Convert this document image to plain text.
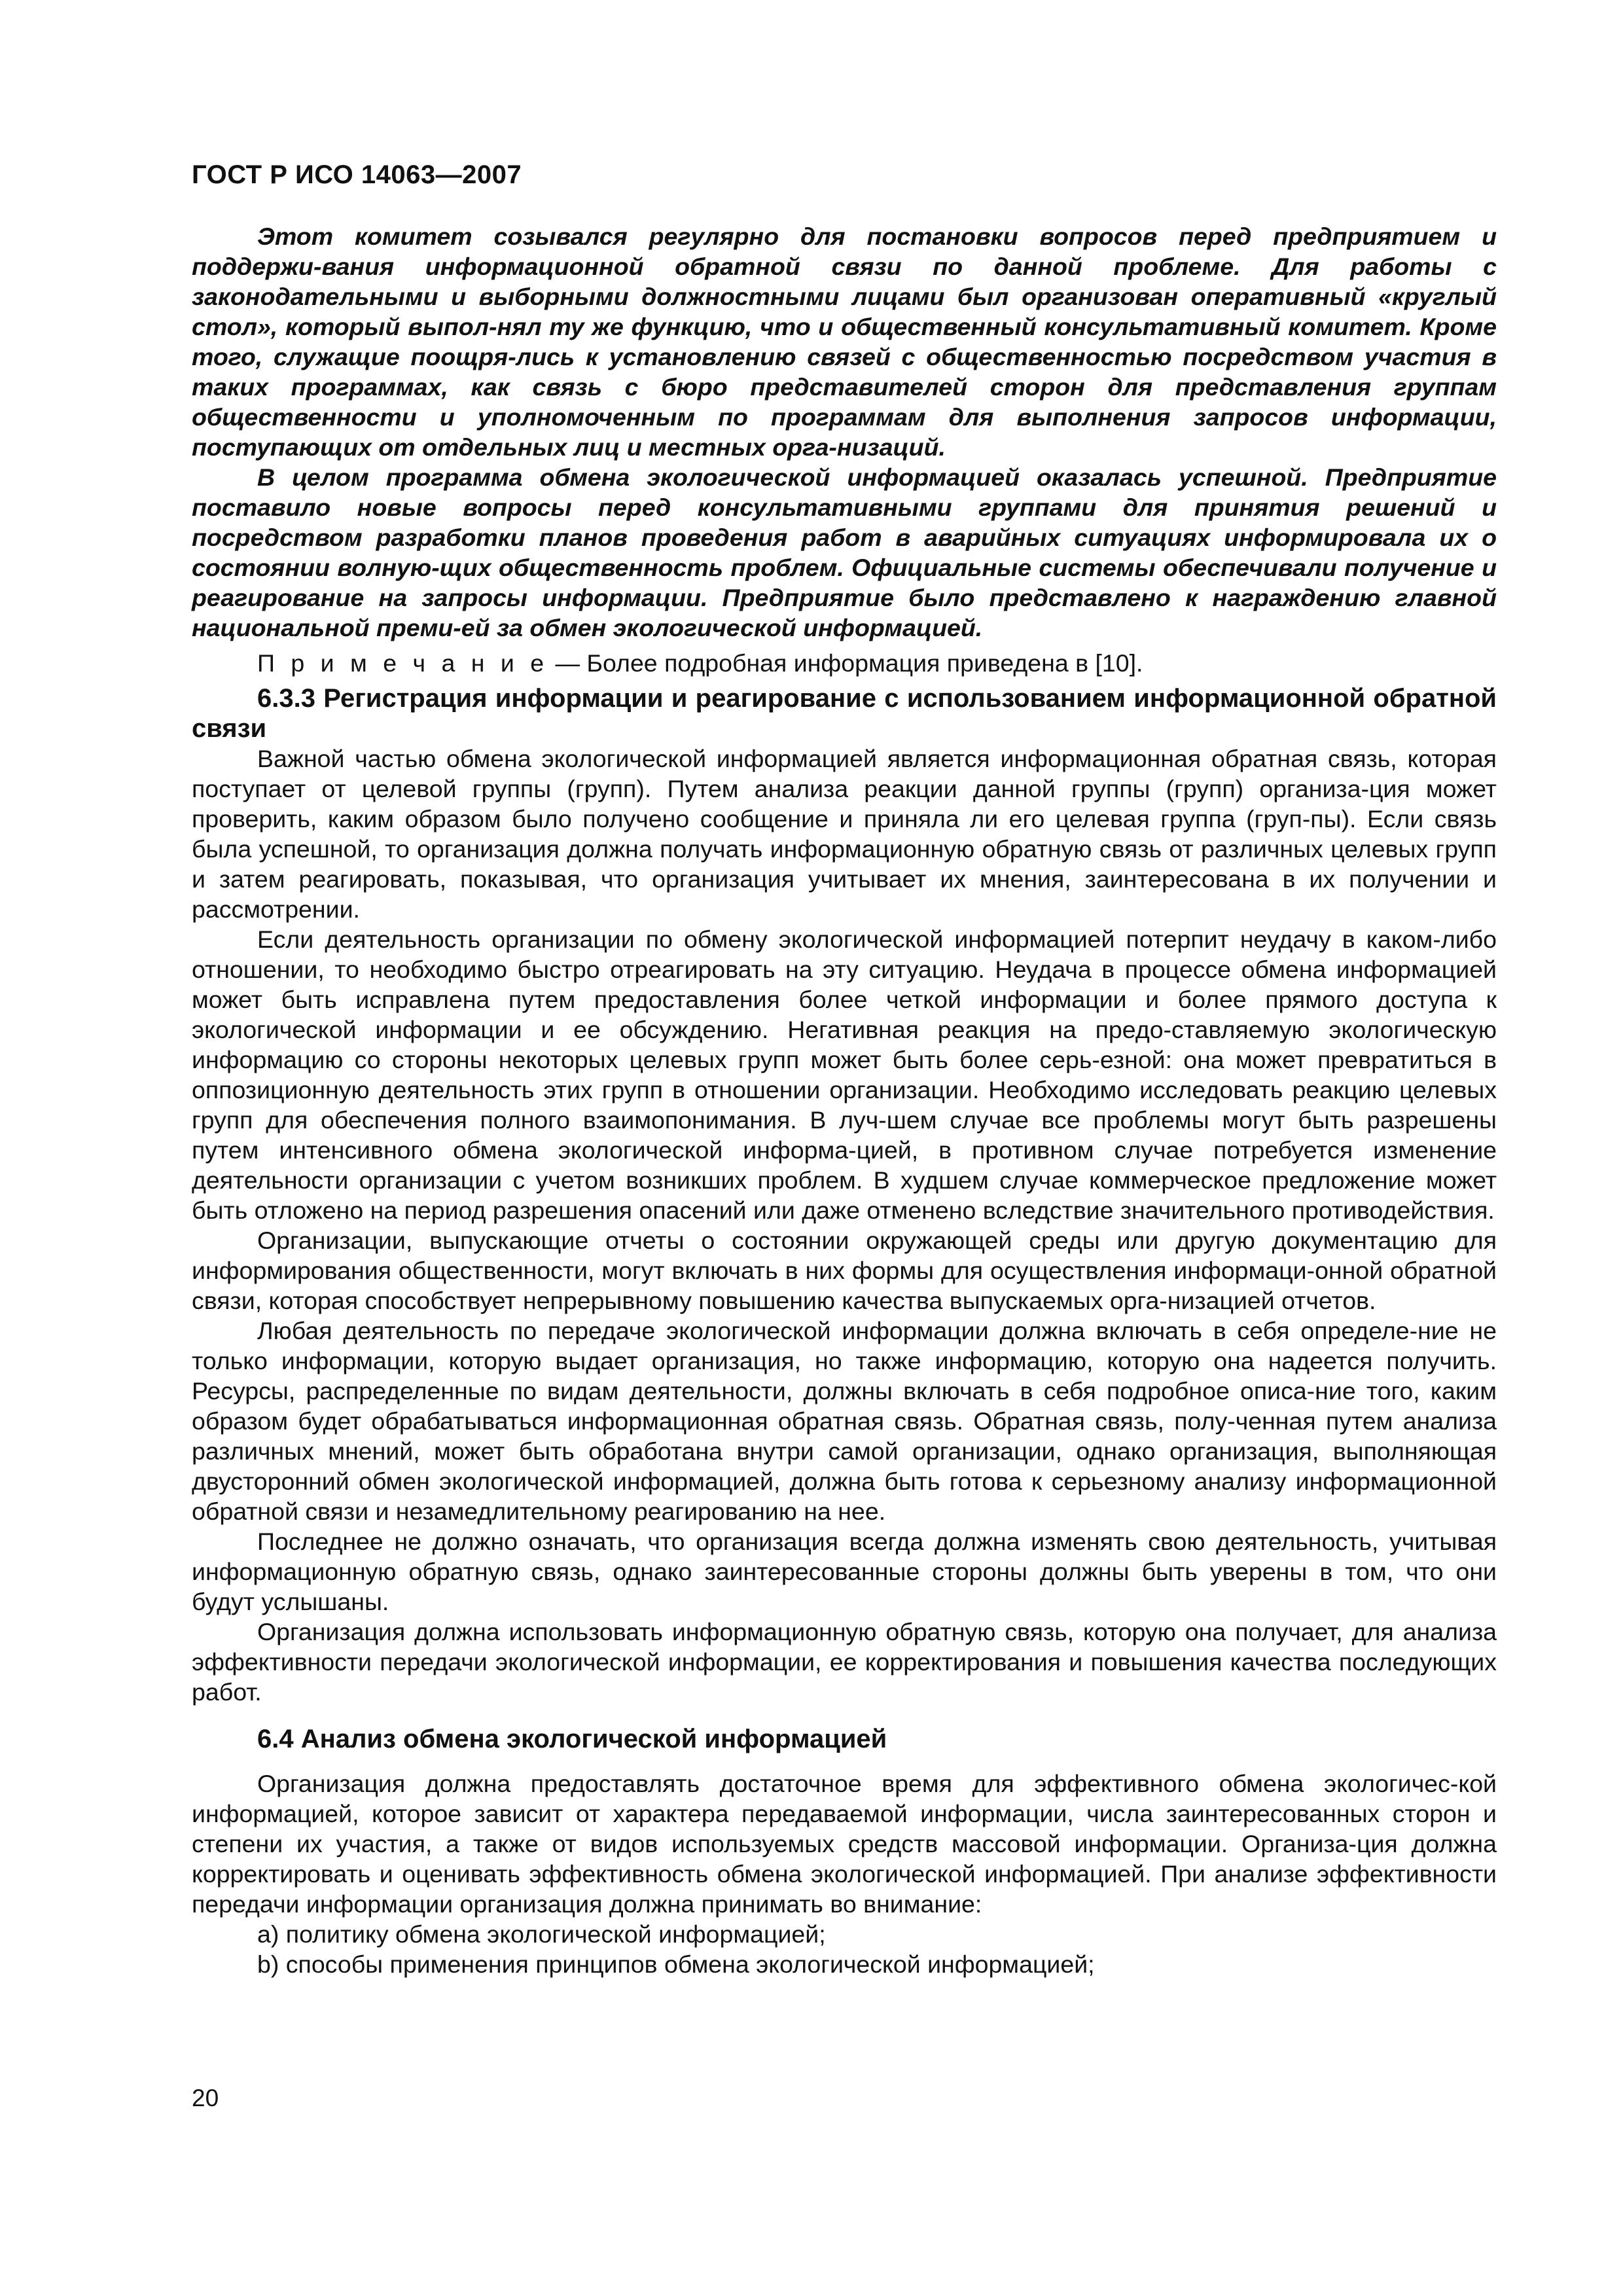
ГОСТ Р ИСО 14063—2007

Этот комитет созывался регулярно для постановки вопросов перед предприятием и поддержи-вания информационной обратной связи по данной проблеме. Для работы с законодательными и выборными должностными лицами был организован оперативный «круглый стол», который выпол-нял ту же функцию, что и общественный консультативный комитет. Кроме того, служащие поощря-лись к установлению связей с общественностью посредством участия в таких программах, как связь с бюро представителей сторон для представления группам общественности и уполномоченным по программам для выполнения запросов информации, поступающих от отдельных лиц и местных орга-низаций.

В целом программа обмена экологической информацией оказалась успешной. Предприятие поставило новые вопросы перед консультативными группами для принятия решений и посредством разработки планов проведения работ в аварийных ситуациях информировала их о состоянии волную-щих общественность проблем. Официальные системы обеспечивали получение и реагирование на запросы информации. Предприятие было представлено к награждению главной национальной преми-ей за обмен экологической информацией.

П р и м е ч а н и е — Более подробная информация приведена в [10].

6.3.3 Регистрация информации и реагирование с использованием информационной обратной связи

Важной частью обмена экологической информацией является информационная обратная связь, которая поступает от целевой группы (групп). Путем анализа реакции данной группы (групп) организа-ция может проверить, каким образом было получено сообщение и приняла ли его целевая группа (груп-пы). Если связь была успешной, то организация должна получать информационную обратную связь от различных целевых групп и затем реагировать, показывая, что организация учитывает их мнения, заинтересована в их получении и рассмотрении.

Если деятельность организации по обмену экологической информацией потерпит неудачу в каком-либо отношении, то необходимо быстро отреагировать на эту ситуацию. Неудача в процессе обмена информацией может быть исправлена путем предоставления более четкой информации и более прямого доступа к экологической информации и ее обсуждению. Негативная реакция на предо-ставляемую экологическую информацию со стороны некоторых целевых групп может быть более серь-езной: она может превратиться в оппозиционную деятельность этих групп в отношении организации. Необходимо исследовать реакцию целевых групп для обеспечения полного взаимопонимания. В луч-шем случае все проблемы могут быть разрешены путем интенсивного обмена экологической информа-цией, в противном случае потребуется изменение деятельности организации с учетом возникших проблем. В худшем случае коммерческое предложение может быть отложено на период разрешения опасений или даже отменено вследствие значительного противодействия.

Организации, выпускающие отчеты о состоянии окружающей среды или другую документацию для информирования общественности, могут включать в них формы для осуществления информаци-онной обратной связи, которая способствует непрерывному повышению качества выпускаемых орга-низацией отчетов.

Любая деятельность по передаче экологической информации должна включать в себя определе-ние не только информации, которую выдает организация, но также информацию, которую она надеется получить. Ресурсы, распределенные по видам деятельности, должны включать в себя подробное описа-ние того, каким образом будет обрабатываться информационная обратная связь. Обратная связь, полу-ченная путем анализа различных мнений, может быть обработана внутри самой организации, однако организация, выполняющая двусторонний обмен экологической информацией, должна быть готова к серьезному анализу информационной обратной связи и незамедлительному реагированию на нее.

Последнее не должно означать, что организация всегда должна изменять свою деятельность, учитывая информационную обратную связь, однако заинтересованные стороны должны быть уверены в том, что они будут услышаны.

Организация должна использовать информационную обратную связь, которую она получает, для анализа эффективности передачи экологической информации, ее корректирования и повышения качества последующих работ.

6.4 Анализ обмена экологической информацией

Организация должна предоставлять достаточное время для эффективного обмена экологичес-кой информацией, которое зависит от характера передаваемой информации, числа заинтересованных сторон и степени их участия, а также от видов используемых средств массовой информации. Организа-ция должна корректировать и оценивать эффективность обмена экологической информацией. При анализе эффективности передачи информации организация должна принимать во внимание:

а) политику обмена экологической информацией;

b) способы применения принципов обмена экологической информацией;

20
